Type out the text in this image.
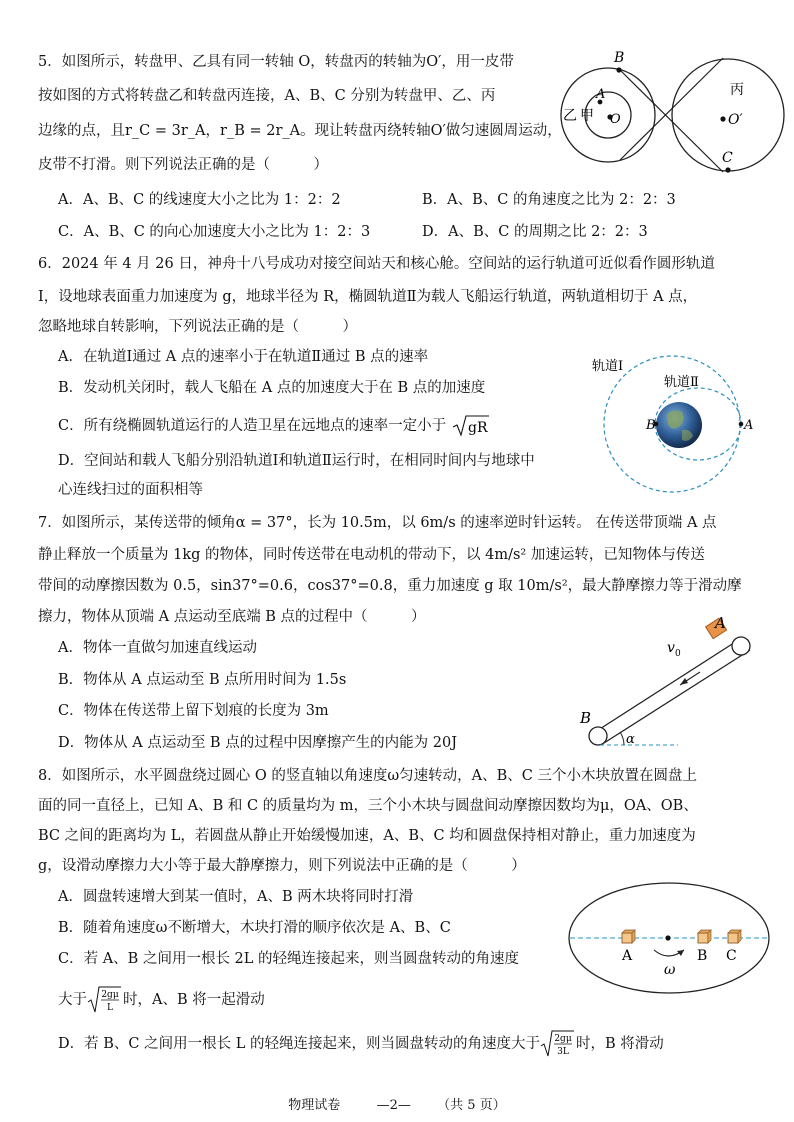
5．如图所示，转盘甲、乙具有同一转轴 O，转盘丙的转轴为O′，用一皮带
按如图的方式将转盘乙和转盘丙连接，A、B、C 分别为转盘甲、乙、丙
边缘的点，且r_C = 3r_A，r_B = 2r_A。现让转盘丙绕转轴O′做匀速圆周运动，
皮带不打滑。则下列说法正确的是（　　　）
A．A、B、C 的线速度大小之比为 1：2：2	B．A、B、C 的角速度之比为 2：2：3
C．A、B、C 的向心加速度大小之比为 1：2：3	D．A、B、C 的周期之比 2：2：3
乙 甲
A
B
O
丙
O′
C
6．2024 年 4 月 26 日，神舟十八号成功对接空间站天和核心舱。空间站的运行轨道可近似看作圆形轨道
Ⅰ，设地球表面重力加速度为 g，地球半径为 R，椭圆轨道Ⅱ为载人飞船运行轨道，两轨道相切于 A 点，
忽略地球自转影响，下列说法正确的是（　　　）
A．在轨道Ⅰ通过 A 点的速率小于在轨道Ⅱ通过 B 点的速率
B．发动机关闭时，载人飞船在 A 点的加速度大于在 B 点的加速度
C．所有绕椭圆轨道运行的人造卫星在远地点的速率一定小于 gR
D．空间站和载人飞船分别沿轨道Ⅰ和轨道Ⅱ运行时，在相同时间内与地球中
心连线扫过的面积相等
B	A
轨道Ⅰ
轨道Ⅱ
7．如图所示，某传送带的倾角α = 37°，长为 10.5m，以 6m/s 的速率逆时针运转。 在传送带顶端 A 点
静止释放一个质量为 1kg 的物体，同时传送带在电动机的带动下，以 4m/s² 加速运转，已知物体与传送
带间的动摩擦因数为 0.5，sin37°=0.6，cos37°=0.8，重力加速度 g 取 10m/s²，最大静摩擦力等于滑动摩
擦力，物体从顶端 A 点运动至底端 B 点的过程中（　　　）
A．物体一直做匀加速直线运动
B．物体从 A 点运动至 B 点所用时间为 1.5s
C．物体在传送带上留下划痕的长度为 3m
D．物体从 A 点运动至 B 点的过程中因摩擦产生的内能为 20J
A
B
v 0
α
8．如图所示，水平圆盘绕过圆心 O 的竖直轴以角速度ω匀速转动，A、B、C 三个小木块放置在圆盘上
面的同一直径上，已知 A、B 和 C 的质量均为 m，三个小木块与圆盘间动摩擦因数均为μ，OA、OB、
BC 之间的距离均为 L，若圆盘从静止开始缓慢加速，A、B、C 均和圆盘保持相对静止，重力加速度为
g，设滑动摩擦力大小等于最大静摩擦力，则下列说法中正确的是（　　　）
A．圆盘转速增大到某一值时，A、B 两木块将同时打滑
B．随着角速度ω不断增大，木块打滑的顺序依次是 A、B、C
C．若 A、B 之间用一根长 2L 的轻绳连接起来，则当圆盘转动的角速度
大于 2gμ
L 时，A、B 将一起滑动
D．若 B、C 之间用一根长 L 的轻绳连接起来，则当圆盘转动的角速度大于 2gμ
3L 时，B 将滑动
A	B C
ω
物理试卷	—2— （共 5 页）
